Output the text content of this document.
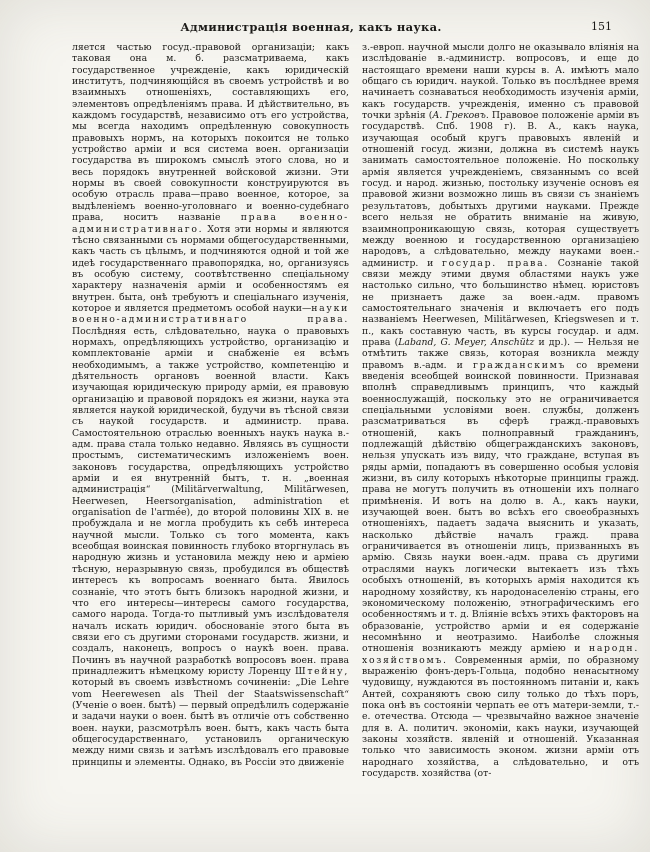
Администрація военная, какъ наука.	151
ляется частью госуд.-правовой организаціи; какъ таковая она м. б. разсматриваема, какъ государственное учрежденіе, какъ юридическій институтъ, подчиняющійся въ своемъ устройствѣ и во взаимныхъ отношеніяхъ, составляющихъ его, элементовъ опредѣленіямъ права. И дѣйствительно, въ каждомъ государствѣ, независимо отъ его устройства, мы всегда находимъ опредѣленную совокупность правовыхъ нормъ, на которыхъ покоится не только устройство арміи и вся система воен. организаціи государства въ широкомъ смыслѣ этого слова, но и весь порядокъ внутренней войсковой жизни. Эти нормы въ своей совокупности конструируются въ особую отрасль права—право военное, которое, за выдѣленіемъ военно-уголовнаго и военно-судебнаго права, носитъ названіе права военно-административнаго. Хотя эти нормы и являются тѣсно связанными съ нормами общегосударственными, какъ часть съ цѣлымъ, и подчиняются одной и той же идеѣ государственнаго правопорядка, но, организуясь въ особую систему, соотвѣтственно спеціальному характеру назначенія арміи и особенностямъ ея внутрен. быта, онѣ требуютъ и спеціальнаго изученія, которое и является предметомъ особой науки—науки военно-административнаго права. Послѣдняя есть, слѣдовательно, наука о правовыхъ нормахъ, опредѣляющихъ устройство, организацію и комплектованіе арміи и снабженіе ея всѣмъ необходимымъ, а также устройство, компетенцію и дѣятельность органовъ военной власти. Какъ изучающая юридическую природу арміи, ея правовую организацію и правовой порядокъ ея жизни, наука эта является наукой юридической, будучи въ тѣсной связи съ наукой государств. и администр. права. Самостоятельною отраслью военныхъ наукъ наука в.-адм. права стала только недавно. Являясь въ сущности простымъ, систематическимъ изложеніемъ воен. законовъ государства, опредѣляющихъ устройство арміи и ея внутренній бытъ, т. н. „военная администрація“ (Militärverwaltung, Militärwesen, Heerwesen, Heersorganisation, administration et organisation de l'armée), до второй половины XIX в. не пробуждала и не могла пробудить къ себѣ интереса научной мысли. Только съ того момента, какъ всеобщая воинская повинность глубоко вторгнулась въ народную жизнь и установила между нею и арміею тѣсную, неразрывную связь, пробудился въ обществѣ интересъ къ вопросамъ военнаго быта. Явилось сознаніе, что этотъ бытъ близокъ народной жизни, и что его интересы—интересы самого государства, самого народа. Тогда-то пытливый умъ изслѣдователя началъ искать юридич. обоснованіе этого быта въ связи его съ другими сторонами государств. жизни, и создалъ, наконецъ, вопросъ о наукѣ воен. права. Починъ въ научной разработкѣ вопросовъ воен. права принадлежитъ нѣмецкому юристу Лоренцу Штейну, который въ своемъ извѣстномъ сочиненіи: „Die Lehre vom Heerewesen als Theil der Staatswissenschaft“ (Ученіе о воен. бытѣ) — первый опредѣлилъ содержаніе и задачи науки о воен. бытѣ въ отличіе отъ собственно воен. науки, разсмотрѣлъ воен. бытъ, какъ часть быта общегосударственнаго, установилъ органическую между ними связь и затѣмъ изслѣдовалъ его правовые принципы и элементы. Однако, въ Россіи это движеніе
з.-европ. научной мысли долго не оказывало вліянія на изслѣдованіе в.-администр. вопросовъ, и еще до настоящаго времени наши курсы в. А. имѣютъ мало общаго съ юридич. наукой. Только въ послѣднее время начинаетъ сознаваться необходимость изученія арміи, какъ государств. учрежденія, именно съ правовой точки зрѣнія (А. Грековъ. Правовое положеніе арміи въ государствѣ. Спб. 1908 г). В. А., какъ наука, изучающая особый кругъ правовыхъ явленій и отношеній госуд. жизни, должна въ системѣ наукъ занимать самостоятельное положеніе. Но поскольку армія является учрежденіемъ, связаннымъ со всей госуд. и народ. жизнью, постольку изученіе основъ ея правовой жизни возможно лишь въ связи съ знаніемъ результатовъ, добытыхъ другими науками. Прежде всего нельзя не обратить вниманіе на живую, взаимнопроникающую связь, которая существуетъ между военною и государственною организаціею народовъ, а слѣдовательно, между науками воен.-администр. и государ. права. Сознаніе такой связи между этими двумя областями наукъ уже настолько сильно, что большинство нѣмец. юристовъ не признаетъ даже за воен.-адм. правомъ самостоятельнаго значенія и включаетъ его подъ названіемъ Heerwesen, Militärwesen, Kriegswesen и т. п., какъ составную часть, въ курсы государ. и адм. права (Laband, G. Meyer, Anschütz и др.). — Нельзя не отмѣтить также связь, которая возникла между правомъ в.-адм. и гражданскимъ со времени введенія всеобщей воинской повинности. Признавая вполнѣ справедливымъ принципъ, что каждый военнослужащій, поскольку это не ограничивается спеціальными условіями воен. службы, долженъ разсматриваться въ сферѣ гражд.-правовыхъ отношеній, какъ полноправный гражданинъ, подлежащій дѣйствію общегражданскихъ законовъ, нельзя упускать изъ виду, что граждане, вступая въ ряды арміи, попадаютъ въ совершенно особыя условія жизни, въ силу которыхъ нѣкоторые принципы гражд. права не могутъ получить въ отношеніи ихъ полнаго примѣненія. И вотъ на долю в. А., какъ науки, изучающей воен. бытъ во всѣхъ его своеобразныхъ отношеніяхъ, падаетъ задача выяснить и указать, насколько дѣйствіе началъ гражд. права ограничивается въ отношеніи лицъ, призванныхъ въ армію. Связь науки воен.-адм. права съ другими отраслями наукъ логически вытекаетъ изъ тѣхъ особыхъ отношеній, въ которыхъ армія находится къ народному хозяйству, къ народонаселенію страны, его экономическому положенію, этнографическимъ его особенностямъ и т. д. Вліяніе всѣхъ этихъ факторовъ на образованіе, устройство арміи и ея содержаніе несомнѣнно и неотразимо. Наиболѣе сложныя отношенія возникаютъ между арміею и народн. хозяйствомъ. Современныя арміи, по образному выраженію фонъ-деръ-Гольца, подобно ненасытному чудовищу, нуждаются въ постоянномъ питаніи и, какъ Антей, сохраняютъ свою силу только до тѣхъ поръ, пока онѣ въ состояніи черпать ее отъ матери-земли, т.-е. отечества. Отсюда — чрезвычайно важное значеніе для в. А. политич. экономіи, какъ науки, изучающей законы хозяйств. явленій и отношеній. Указанная только что зависимость эконом. жизни арміи отъ народнаго хозяйства, а слѣдовательно, и отъ государств. хозяйства (от-
